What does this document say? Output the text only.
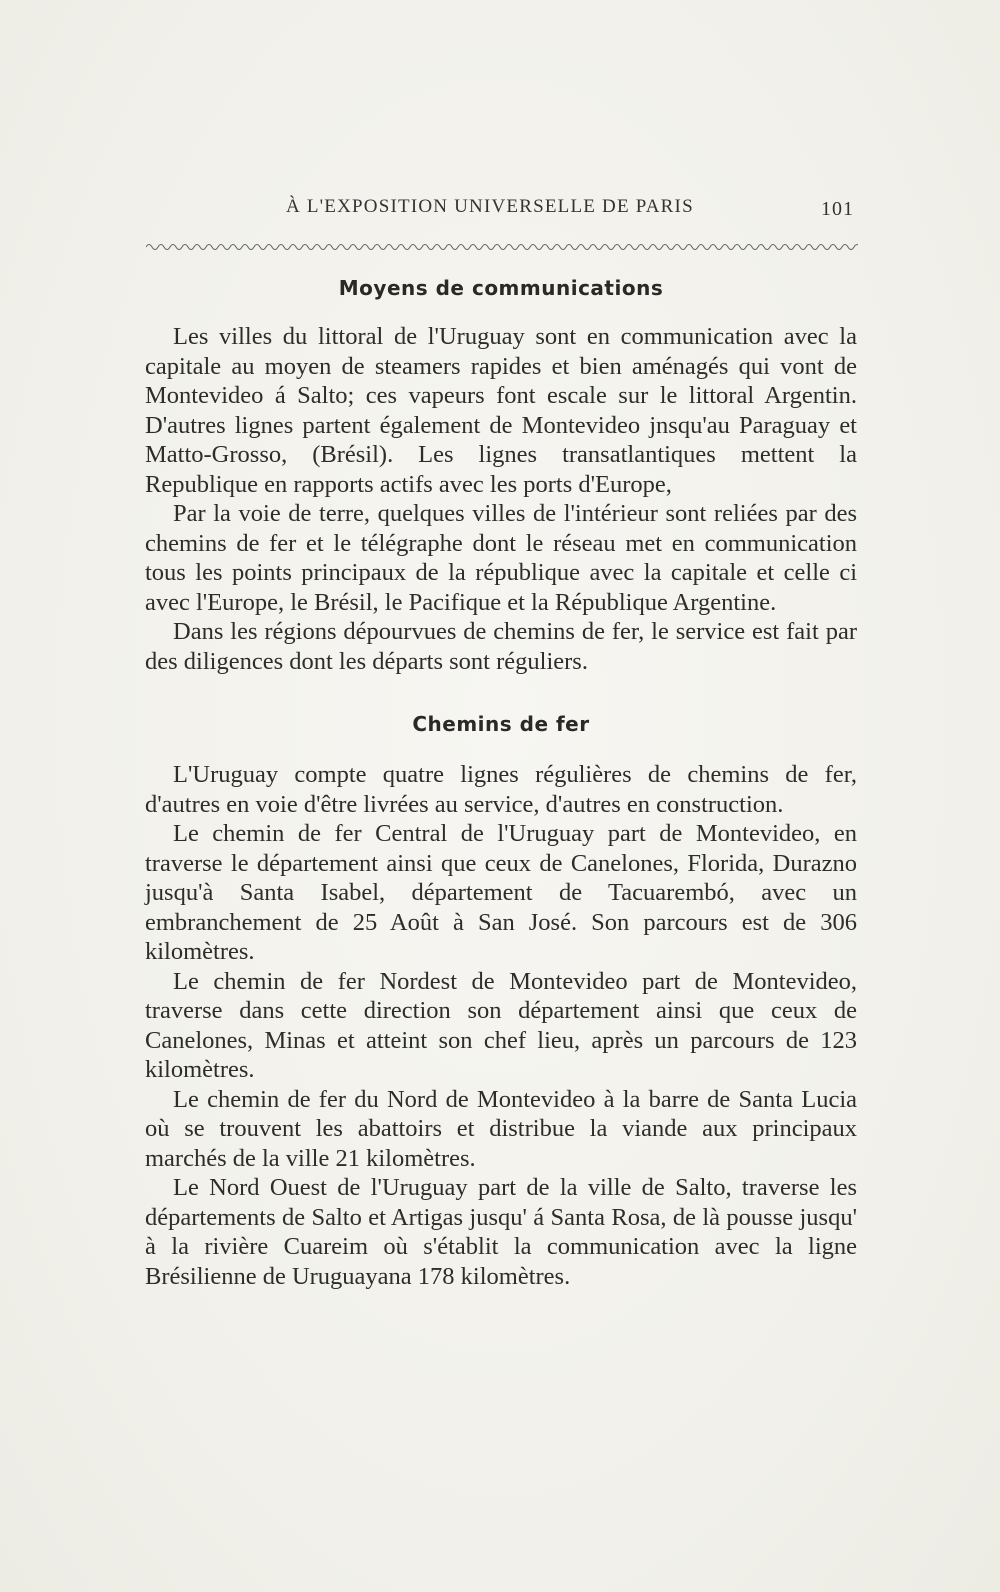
À L'EXPOSITION UNIVERSELLE DE PARIS	101
Moyens de communications

Les villes du littoral de l'Uruguay sont en communication avec la capitale au moyen de steamers rapides et bien aménagés qui vont de Montevideo á Salto; ces vapeurs font escale sur le littoral Argentin. D'autres lignes partent également de Montevideo jnsqu'au Paraguay et Matto-Grosso, (Brésil). Les lignes transatlantiques mettent la Republique en rapports actifs avec les ports d'Europe,

Par la voie de terre, quelques villes de l'intérieur sont reliées par des chemins de fer et le télégraphe dont le réseau met en communication tous les points principaux de la république avec la capitale et celle ci avec l'Europe, le Brésil, le Pacifique et la République Argentine.

Dans les régions dépourvues de chemins de fer, le service est fait par des diligences dont les départs sont réguliers.

Chemins de fer

L'Uruguay compte quatre lignes régulières de chemins de fer, d'autres en voie d'être livrées au service, d'autres en construction.

Le chemin de fer Central de l'Uruguay part de Montevideo, en traverse le département ainsi que ceux de Canelones, Florida, Durazno jusqu'à Santa Isabel, département de Tacuarembó, avec un embranchement de 25 Août à San José. Son parcours est de 306 kilomètres.

Le chemin de fer Nordest de Montevideo part de Montevideo, traverse dans cette direction son département ainsi que ceux de Canelones, Minas et atteint son chef lieu, après un parcours de 123 kilomètres.

Le chemin de fer du Nord de Montevideo à la barre de Santa Lucia où se trouvent les abattoirs et distribue la viande aux principaux marchés de la ville 21 kilomètres.

Le Nord Ouest de l'Uruguay part de la ville de Salto, traverse les départements de Salto et Artigas jusqu' á Santa Rosa, de là pousse jusqu' à la rivière Cuareim où s'établit la communication avec la ligne Brésilienne de Uruguayana 178 kilomètres.
